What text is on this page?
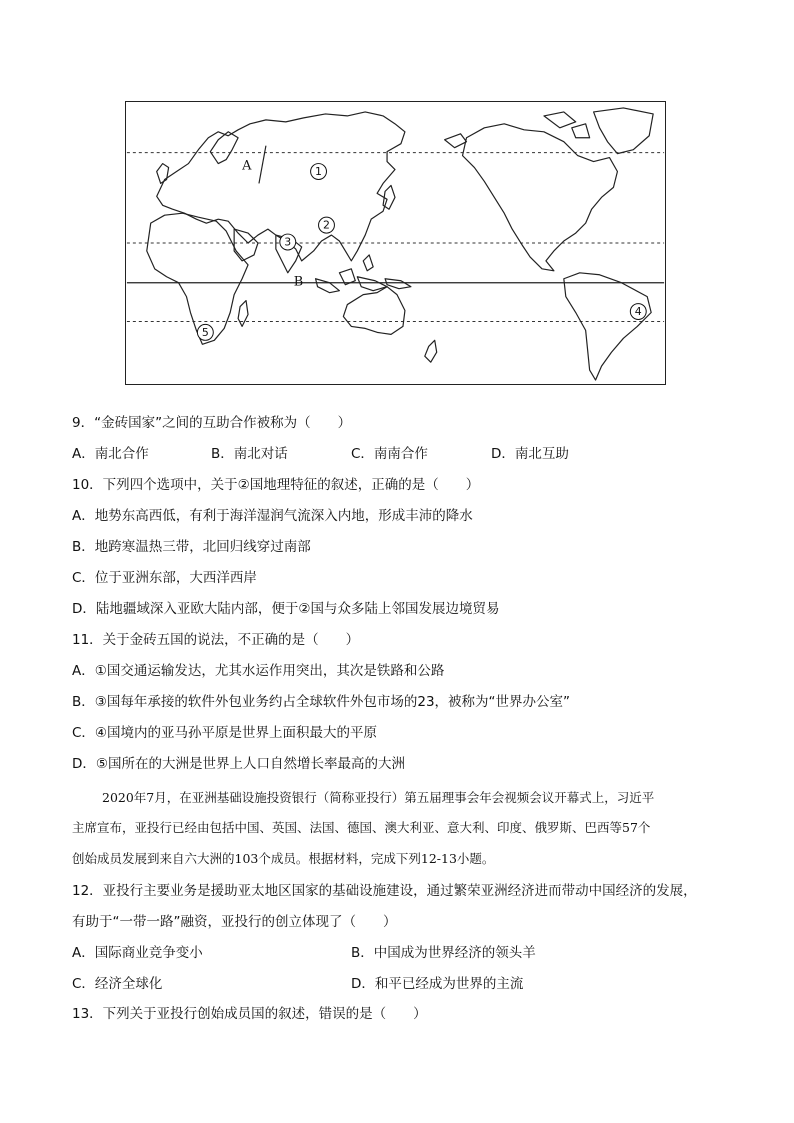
A
B
1
2
3
4
5
9．“金砖国家”之间的互助合作被称为（　　）
A．南北合作	B．南北对话	C．南南合作	D．南北互助
10．下列四个选项中，关于②国地理特征的叙述，正确的是（　　）
A．地势东高西低，有利于海洋湿润气流深入内地，形成丰沛的降水
B．地跨寒温热三带，北回归线穿过南部
C．位于亚洲东部，大西洋西岸
D．陆地疆域深入亚欧大陆内部，便于②国与众多陆上邻国发展边境贸易
11．关于金砖五国的说法，不正确的是（　　）
A．①国交通运输发达，尤其水运作用突出，其次是铁路和公路
B．③国每年承接的软件外包业务约占全球软件外包市场的23，被称为“世界办公室”
C．④国境内的亚马孙平原是世界上面积最大的平原
D．⑤国所在的大洲是世界上人口自然增长率最高的大洲
2020年7月，在亚洲基础设施投资银行（简称亚投行）第五届理事会年会视频会议开幕式上，习近平
主席宣布，亚投行已经由包括中国、英国、法国、德国、澳大利亚、意大利、印度、俄罗斯、巴西等57个
创始成员发展到来自六大洲的103个成员。根据材料，完成下列12-13小题。
12．亚投行主要业务是援助亚太地区国家的基础设施建设，通过繁荣亚洲经济进而带动中国经济的发展，
有助于“一带一路”融资，亚投行的创立体现了（　　）
A．国际商业竞争变小	B．中国成为世界经济的领头羊
C．经济全球化	D．和平已经成为世界的主流
13．下列关于亚投行创始成员国的叙述，错误的是（　　）
